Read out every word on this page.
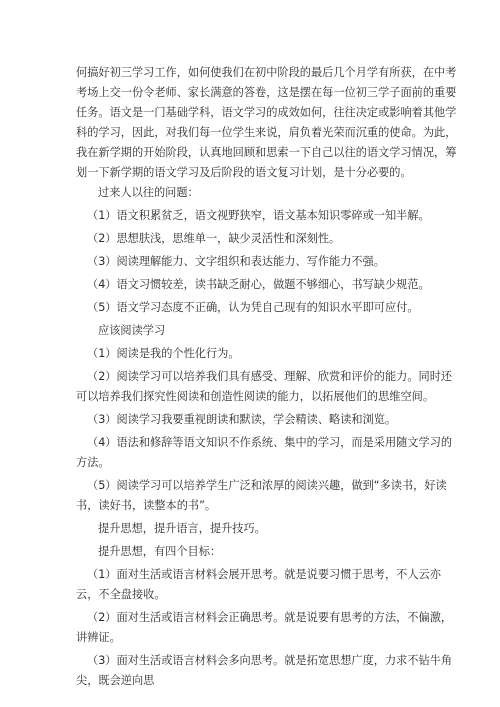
何搞好初三学习工作，如何使我们在初中阶段的最后几个月学有所获，在中考
考场上交一份令老师、家长满意的答卷，这是摆在每一位初三学子面前的重要
任务。语文是一门基础学科，语文学习的成效如何，往往决定或影响着其他学
科的学习，因此，对我们每一位学生来说，肩负着光荣而沉重的使命。为此，
我在新学期的开始阶段，认真地回顾和思索一下自己以往的语文学习情况，筹
划一下新学期的语文学习及后阶段的语文复习计划，是十分必要的。
过来人以往的问题：
（1）语文积累贫乏，语文视野狭窄，语文基本知识零碎或一知半解。
（2）思想肤浅，思维单一，缺少灵活性和深刻性。
（3）阅读理解能力、文字组织和表达能力、写作能力不强。
（4）语文习惯较差，读书缺乏耐心，做题不够细心，书写缺少规范。
（5）语文学习态度不正确，认为凭自己现有的知识水平即可应付。
应该阅读学习
（1）阅读是我的个性化行为。
（2）阅读学习可以培养我们具有感受、理解、欣赏和评价的能力。同时还
可以培养我们探究性阅读和创造性阅读的能力，以拓展他们的思维空间。
（3）阅读学习我要重视朗读和默读，学会精读、略读和浏览。
（4）语法和修辞等语文知识不作系统、集中的学习，而是采用随文学习的
方法。
（5）阅读学习可以培养学生广泛和浓厚的阅读兴趣，做到“多读书，好读
书，读好书，读整本的书”。
提升思想，提升语言，提升技巧。
提升思想，有四个目标：
（1）面对生活或语言材料会展开思考。就是说要习惯于思考，不人云亦
云，不全盘接收。
（2）面对生活或语言材料会正确思考。就是说要有思考的方法，不偏激，
讲辨证。
（3）面对生活或语言材料会多向思考。就是拓宽思想广度，力求不钻牛角
尖，既会逆向思
